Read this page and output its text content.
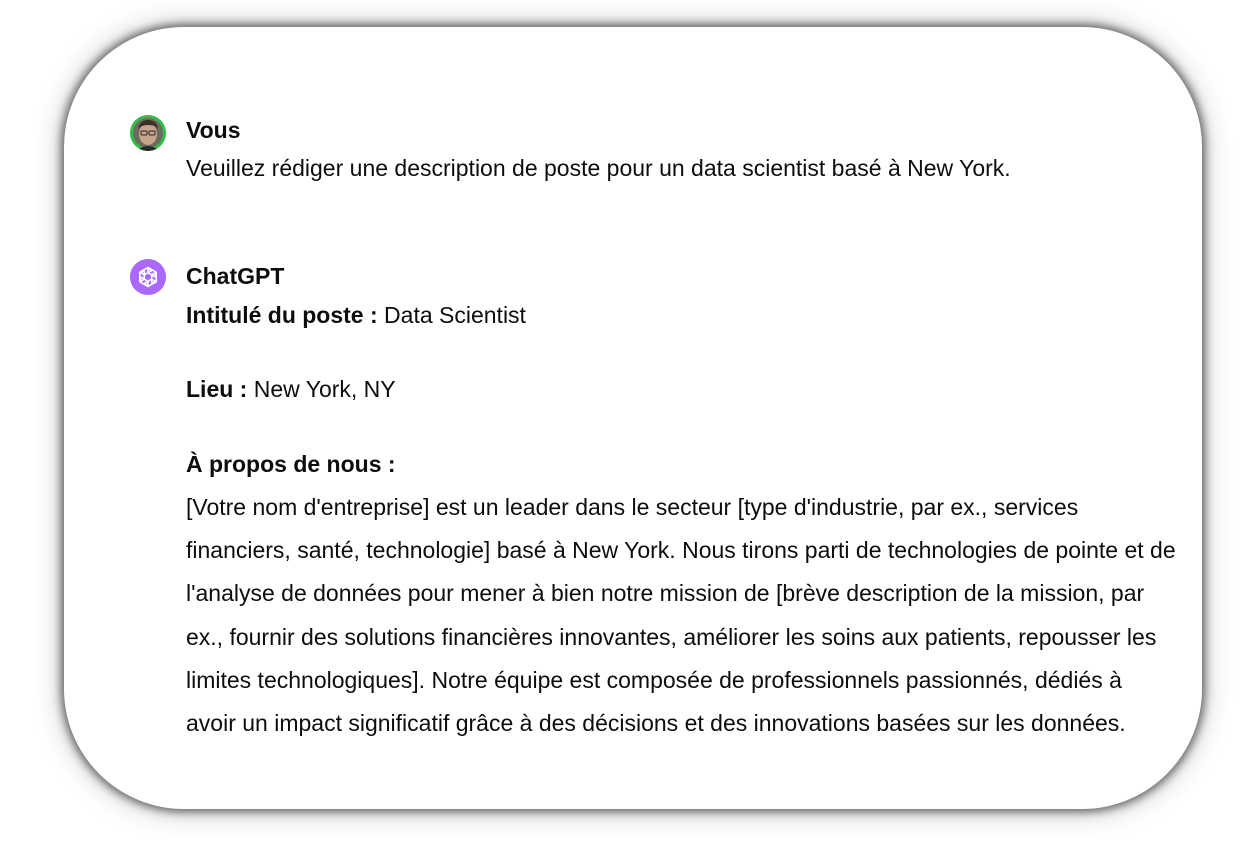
Vous
Veuillez rédiger une description de poste pour un data scientist basé à New York.
ChatGPT
Intitulé du poste : Data Scientist
Lieu : New York, NY
À propos de nous :

[Votre nom d'entreprise] est un leader dans le secteur [type d'industrie, par ex., services financiers, santé, technologie] basé à New York. Nous tirons parti de technologies de pointe et de l'analyse de données pour mener à bien notre mission de [brève description de la mission, par ex., fournir des solutions financières innovantes, améliorer les soins aux patients, repousser les limites technologiques]. Notre équipe est composée de professionnels passionnés, dédiés à avoir un impact significatif grâce à des décisions et des innovations basées sur les données.
